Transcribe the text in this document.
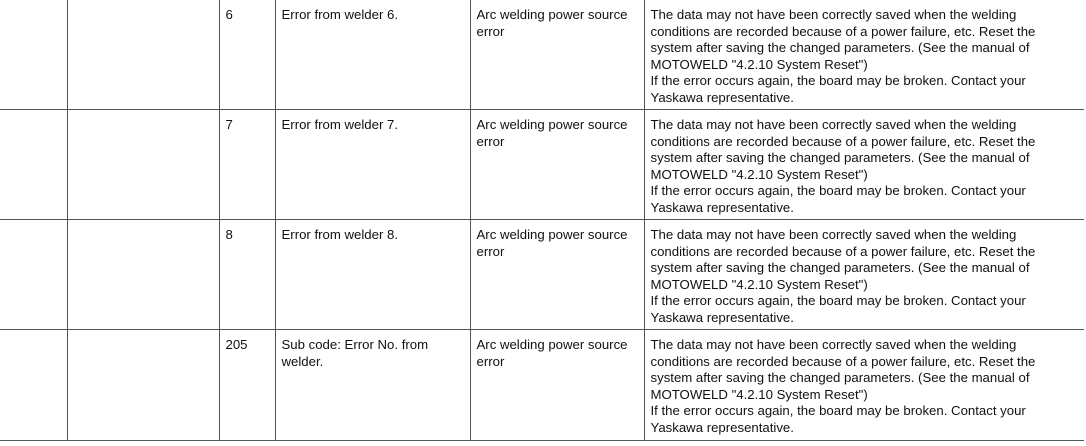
		6	Error from welder 6.	Arc welding power source error	The data may not have been correctly saved when the welding conditions are recorded because of a power failure, etc. Reset the system after saving the changed parameters. (See the manual of MOTOWELD "4.2.10 System Reset")
If the error occurs again, the board may be broken. Contact your Yaskawa representative.

		7	Error from welder 7.	Arc welding power source error	The data may not have been correctly saved when the welding conditions are recorded because of a power failure, etc. Reset the system after saving the changed parameters. (See the manual of MOTOWELD "4.2.10 System Reset")
If the error occurs again, the board may be broken. Contact your Yaskawa representative.

		8	Error from welder 8.	Arc welding power source error	The data may not have been correctly saved when the welding conditions are recorded because of a power failure, etc. Reset the system after saving the changed parameters. (See the manual of MOTOWELD "4.2.10 System Reset")
If the error occurs again, the board may be broken. Contact your Yaskawa representative.

		205	Sub code: Error No. from welder.	Arc welding power source error	The data may not have been correctly saved when the welding conditions are recorded because of a power failure, etc. Reset the system after saving the changed parameters. (See the manual of MOTOWELD "4.2.10 System Reset")
If the error occurs again, the board may be broken. Contact your Yaskawa representative.
